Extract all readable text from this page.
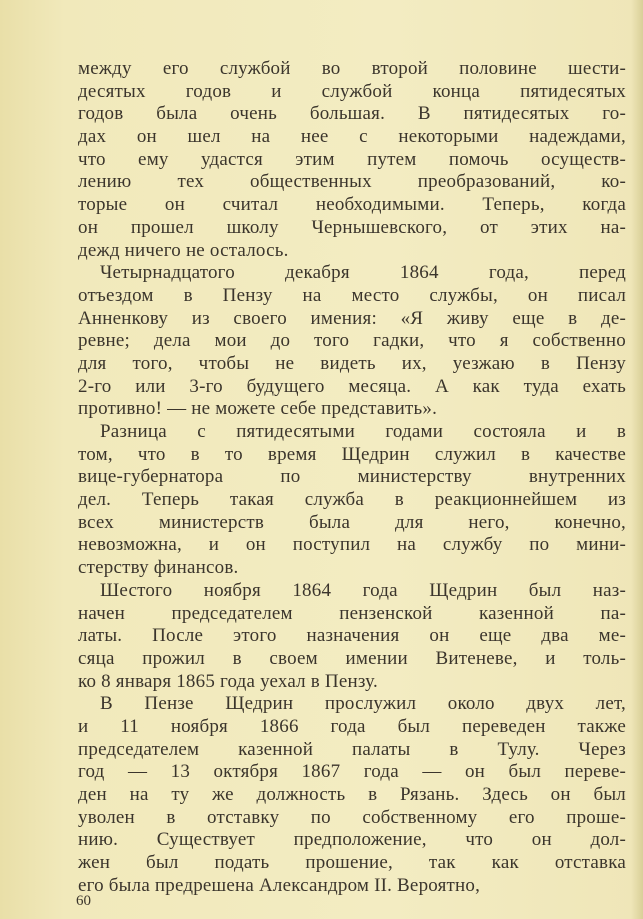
между его службой во второй половине шести-
десятых годов и службой конца пятидесятых
годов была очень большая. В пятидесятых го-
дах он шел на нее с некоторыми надеждами,
что ему удастся этим путем помочь осуществ-
лению тех общественных преобразований, ко-
торые он считал необходимыми. Теперь, когда
он прошел школу Чернышевского, от этих на-
дежд ничего не осталось.
Четырнадцатого декабря 1864 года, перед
отъездом в Пензу на место службы, он писал
Анненкову из своего имения: «Я живу еще в де-
ревне; дела мои до того гадки, что я собственно
для того, чтобы не видеть их, уезжаю в Пензу
2-го или 3-го будущего месяца. А как туда ехать
противно! — не можете себе представить».
Разница с пятидесятыми годами состояла и в
том, что в то время Щедрин служил в качестве
вице-губернатора по министерству внутренних
дел. Теперь такая служба в реакционнейшем из
всех министерств была для него, конечно,
невозможна, и он поступил на службу по мини-
стерству финансов.
Шестого ноября 1864 года Щедрин был наз-
начен председателем пензенской казенной па-
латы. После этого назначения он еще два ме-
сяца прожил в своем имении Витеневе, и толь-
ко 8 января 1865 года уехал в Пензу.
В Пензе Щедрин прослужил около двух лет,
и 11 ноября 1866 года был переведен также
председателем казенной палаты в Тулу. Через
год — 13 октября 1867 года — он был переве-
ден на ту же должность в Рязань. Здесь он был
уволен в отставку по собственному его проше-
нию. Существует предположение, что он дол-
жен был подать прошение, так как отставка
его была предрешена Александром II. Вероятно,
60
